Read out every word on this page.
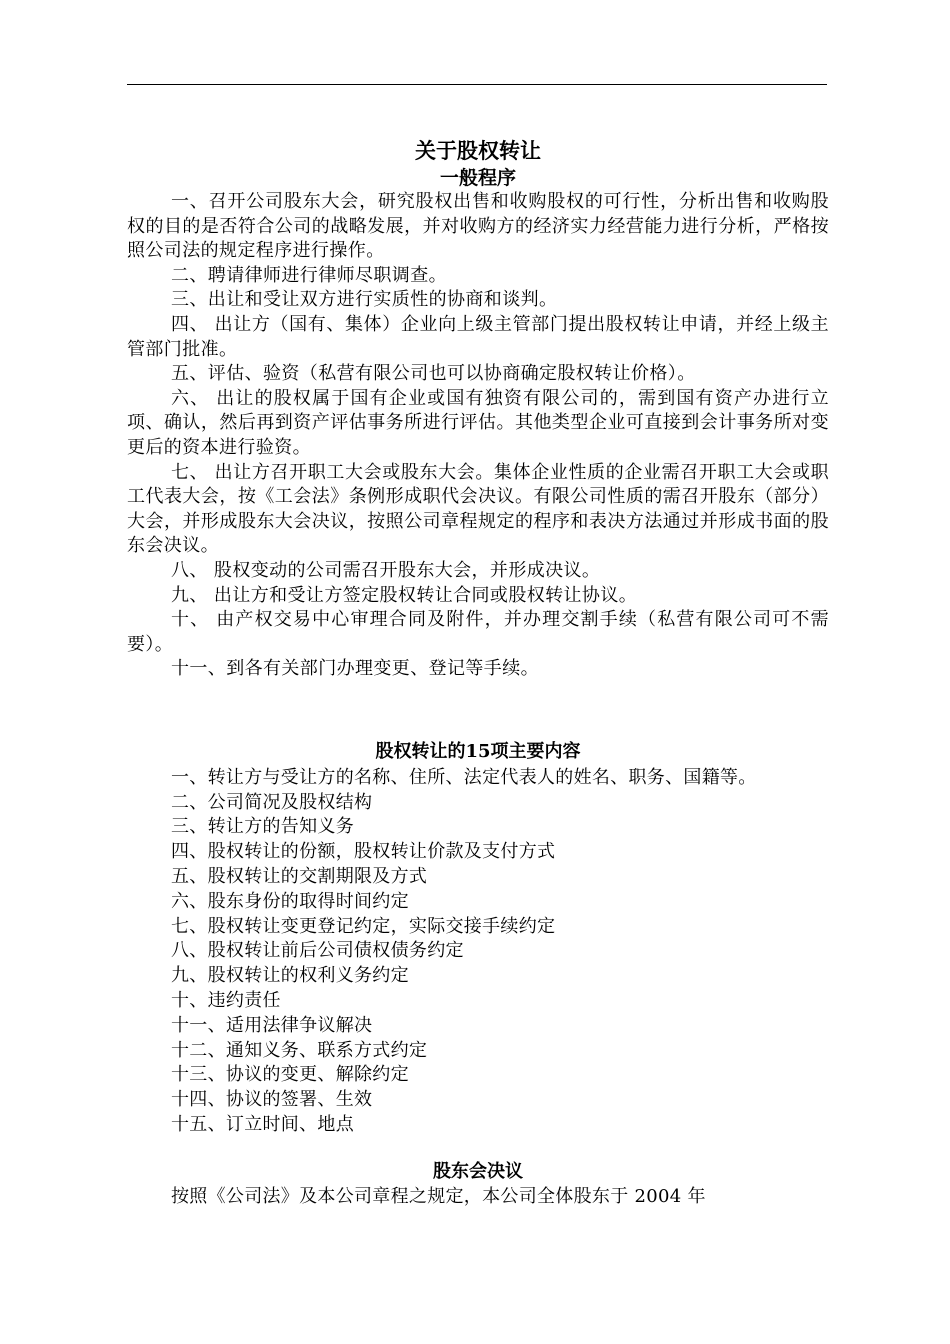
关于股权转让
一般程序

一、召开公司股东大会，研究股权出售和收购股权的可行性，分析出售和收购股权的目的是否符合公司的战略发展，并对收购方的经济实力经营能力进行分析，严格按照公司法的规定程序进行操作。

二、聘请律师进行律师尽职调查。

三、出让和受让双方进行实质性的协商和谈判。

四、 出让方（国有、集体）企业向上级主管部门提出股权转让申请，并经上级主管部门批准。

五、评估、验资（私营有限公司也可以协商确定股权转让价格）。

六、 出让的股权属于国有企业或国有独资有限公司的，需到国有资产办进行立项、确认，然后再到资产评估事务所进行评估。其他类型企业可直接到会计事务所对变更后的资本进行验资。

七、 出让方召开职工大会或股东大会。集体企业性质的企业需召开职工大会或职工代表大会，按《工会法》条例形成职代会决议。有限公司性质的需召开股东（部分）大会，并形成股东大会决议，按照公司章程规定的程序和表决方法通过并形成书面的股东会决议。

八、 股权变动的公司需召开股东大会，并形成决议。

九、 出让方和受让方签定股权转让合同或股权转让协议。

十、 由产权交易中心审理合同及附件，并办理交割手续（私营有限公司可不需要）。

十一、到各有关部门办理变更、登记等手续。

股权转让的15项主要内容

一、转让方与受让方的名称、住所、法定代表人的姓名、职务、国籍等。

二、公司简况及股权结构

三、转让方的告知义务

四、股权转让的份额，股权转让价款及支付方式

五、股权转让的交割期限及方式

六、股东身份的取得时间约定

七、股权转让变更登记约定，实际交接手续约定

八、股权转让前后公司债权债务约定

九、股权转让的权利义务约定

十、违约责任

十一、适用法律争议解决

十二、通知义务、联系方式约定

十三、协议的变更、解除约定

十四、协议的签署、生效

十五、订立时间、地点

股东会决议

按照《公司法》及本公司章程之规定，本公司全体股东于 2004 年
